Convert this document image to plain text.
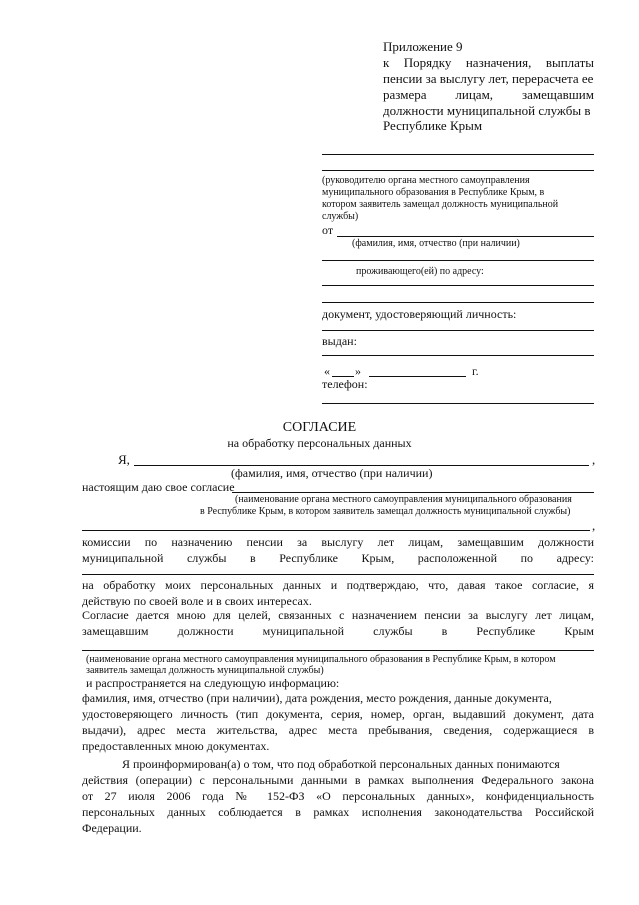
Приложение 9
к Порядку назначения, выплаты
пенсии за выслугу лет, перерасчета ее
размера лицам, замещавшим
должности муниципальной службы в
Республике Крым
(руководителю органа местного самоуправления
муниципального образования в Республике Крым, в
котором заявитель замещал должность муниципальной
службы)
от
(фамилия, имя, отчество (при наличии)
проживающего(ей) по адресу:
документ, удостоверяющий личность:
выдан:
« »	г.
телефон:
СОГЛАСИЕ
на обработку персональных данных
Я,	,
(фамилия, имя, отчество (при наличии)
настоящим даю свое согласие
(наименование органа местного самоуправления муниципального образования
в Республике Крым, в котором заявитель замещал должность муниципальной службы)
,
комиссии по назначению пенсии за выслугу лет лицам, замещавшим должности
муниципальной службы в Республике Крым, расположенной по адресу:
на обработку моих персональных данных и подтверждаю, что, давая такое согласие, я
действую по своей воле и в своих интересах.
Согласие дается мною для целей, связанных с назначением пенсии за выслугу лет лицам,
замещавшим должности муниципальной службы в Республике Крым
(наименование органа местного самоуправления муниципального образования в Республике Крым, в котором
заявитель замещал должность муниципальной службы)
и распространяется на следующую информацию:
фамилия, имя, отчество (при наличии), дата рождения, место рождения, данные документа,
удостоверяющего личность (тип документа, серия, номер, орган, выдавший документ, дата
выдачи), адрес места жительства, адрес места пребывания, сведения, содержащиеся в
предоставленных мною документах.
Я проинформирован(а) о том, что под обработкой персональных данных понимаются
действия (операции) с персональными данными в рамках выполнения Федерального закона
от 27 июля 2006 года № 152-ФЗ «О персональных данных», конфиденциальность
персональных данных соблюдается в рамках исполнения законодательства Российской
Федерации.
